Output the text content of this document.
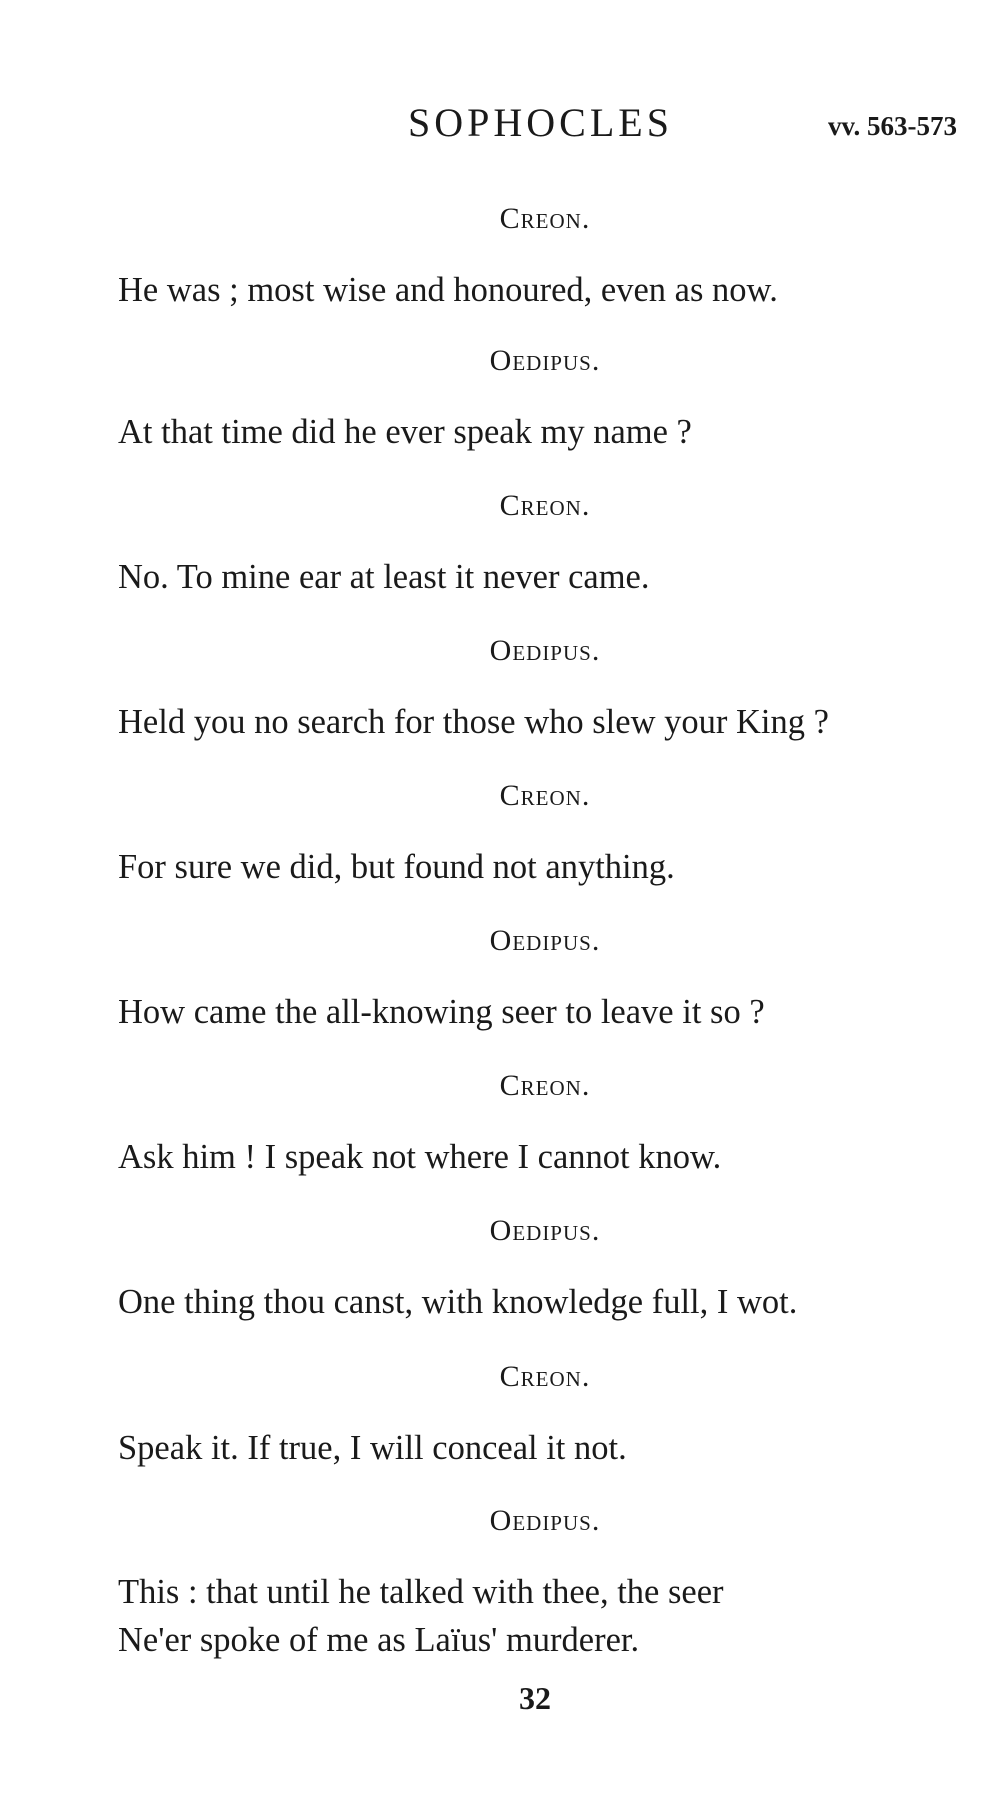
SOPHOCLES	vv. 563-573
Creon.
He was ; most wise and honoured, even as now.
Oedipus.
At that time did he ever speak my name ?
Creon.
No. To mine ear at least it never came.
Oedipus.
Held you no search for those who slew your King ?
Creon.
For sure we did, but found not anything.
Oedipus.
How came the all-knowing seer to leave it so ?
Creon.
Ask him ! I speak not where I cannot know.
Oedipus.
One thing thou canst, with knowledge full, I wot.
Creon.
Speak it. If true, I will conceal it not.
Oedipus.
This : that until he talked with thee, the seer
Ne'er spoke of me as Laïus' murderer.
32
